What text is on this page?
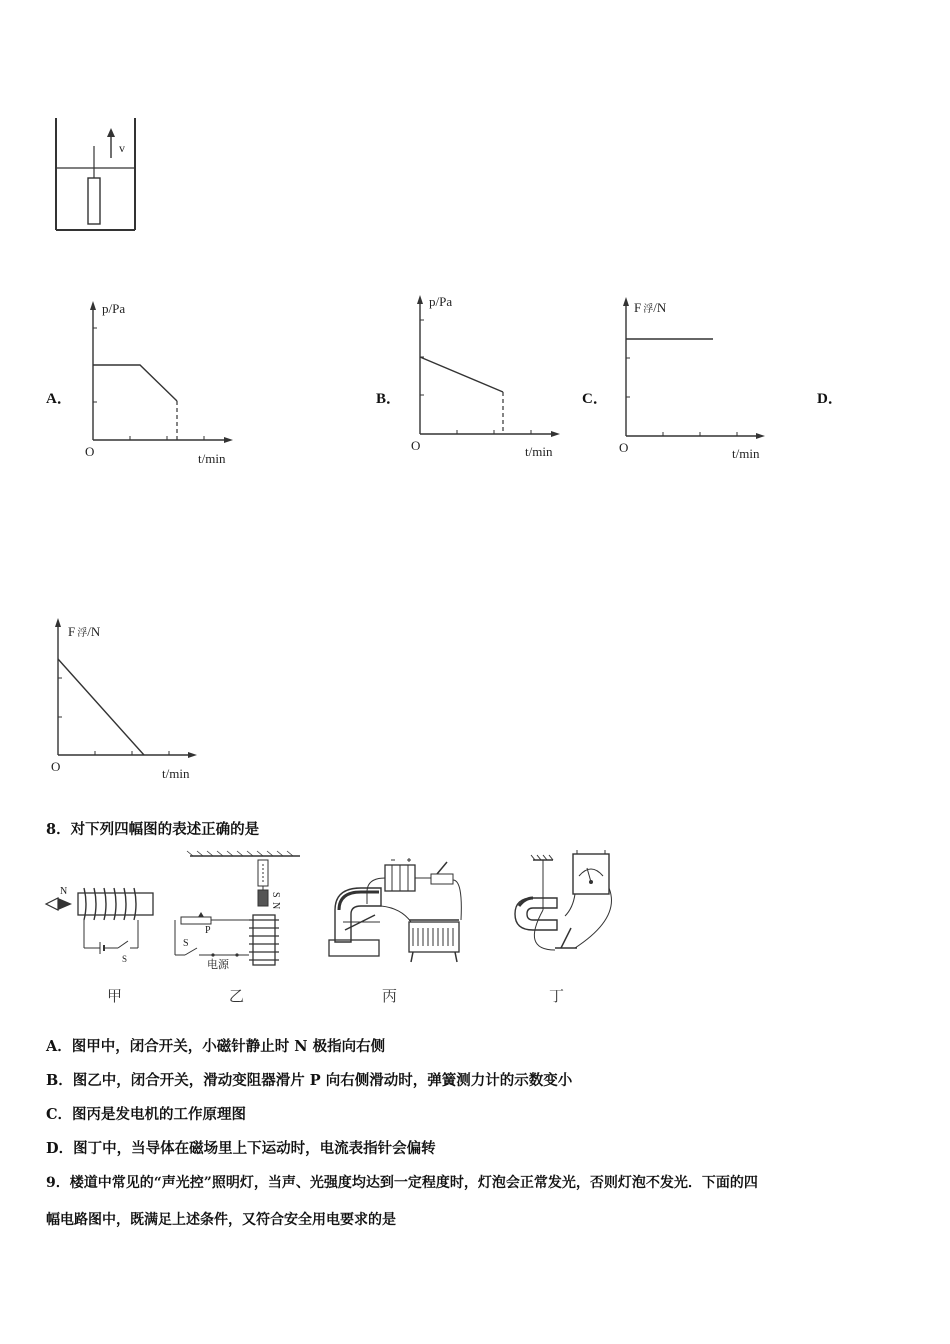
v
A．	B．	C．	D．
p/Pa
O	t/min
p/Pa
O	t/min
F 浮/N
O	t/min
F 浮/N
O	t/min
8．对下列四幅图的表述正确的是
N
S
甲
S
N
P
S
电源
乙	丙	丁
A．图甲中，闭合开关，小磁针静止时 N 极指向右侧
B．图乙中，闭合开关，滑动变阻器滑片 P 向右侧滑动时，弹簧测力计的示数变小
C．图丙是发电机的工作原理图
D．图丁中，当导体在磁场里上下运动时，电流表指针会偏转
9．楼道中常见的“声光控”照明灯，当声、光强度均达到一定程度时，灯泡会正常发光，否则灯泡不发光．下面的四
幅电路图中，既满足上述条件，又符合安全用电要求的是
